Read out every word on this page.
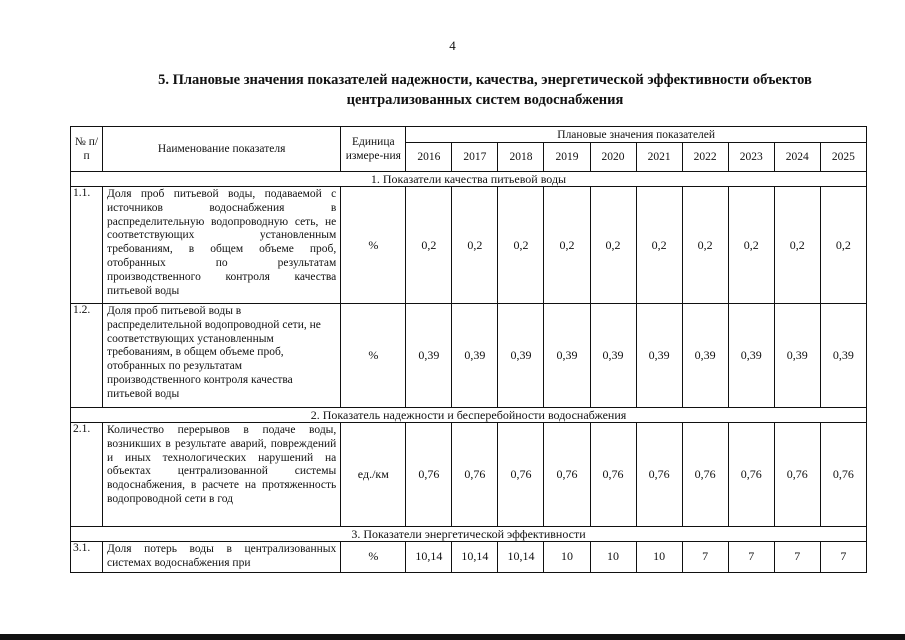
4
5. Плановые значения показателей надежности, качества, энергетической эффективности объектов
централизованных систем водоснабжения
№ п/п	Наименование показателя	Единица измере-ния	Плановые значения показателей									
			2016	2017	2018	2019	2020	2021	2022	2023	2024	2025
1. Показатели качества питьевой воды												
1.1.	Доля проб питьевой воды, подаваемой с источников водоснабжения в распределительную водопроводную сеть, не соответствующих установленным требованиям, в общем объеме проб, отобранных по результатам производственного контроля качества питьевой воды	%	0,2	0,2	0,2	0,2	0,2	0,2	0,2	0,2	0,2	0,2
1.2.	Доля проб питьевой воды в распределительной водопроводной сети, не соответствующих установленным требованиям, в общем объеме проб, отобранных по результатам производственного контроля качества питьевой воды	%	0,39	0,39	0,39	0,39	0,39	0,39	0,39	0,39	0,39	0,39
2. Показатель надежности и бесперебойности водоснабжения												
2.1.	Количество перерывов в подаче воды, возникших в результате аварий, повреждений и иных технологических нарушений на объектах централизованной системы водоснабжения, в расчете на протяженность водопроводной сети в год	ед./км	0,76	0,76	0,76	0,76	0,76	0,76	0,76	0,76	0,76	0,76
3. Показатели энергетической эффективности												
3.1.	Доля потерь воды в централизованных системах водоснабжения при	%	10,14	10,14	10,14	10	10	10	7	7	7	7
